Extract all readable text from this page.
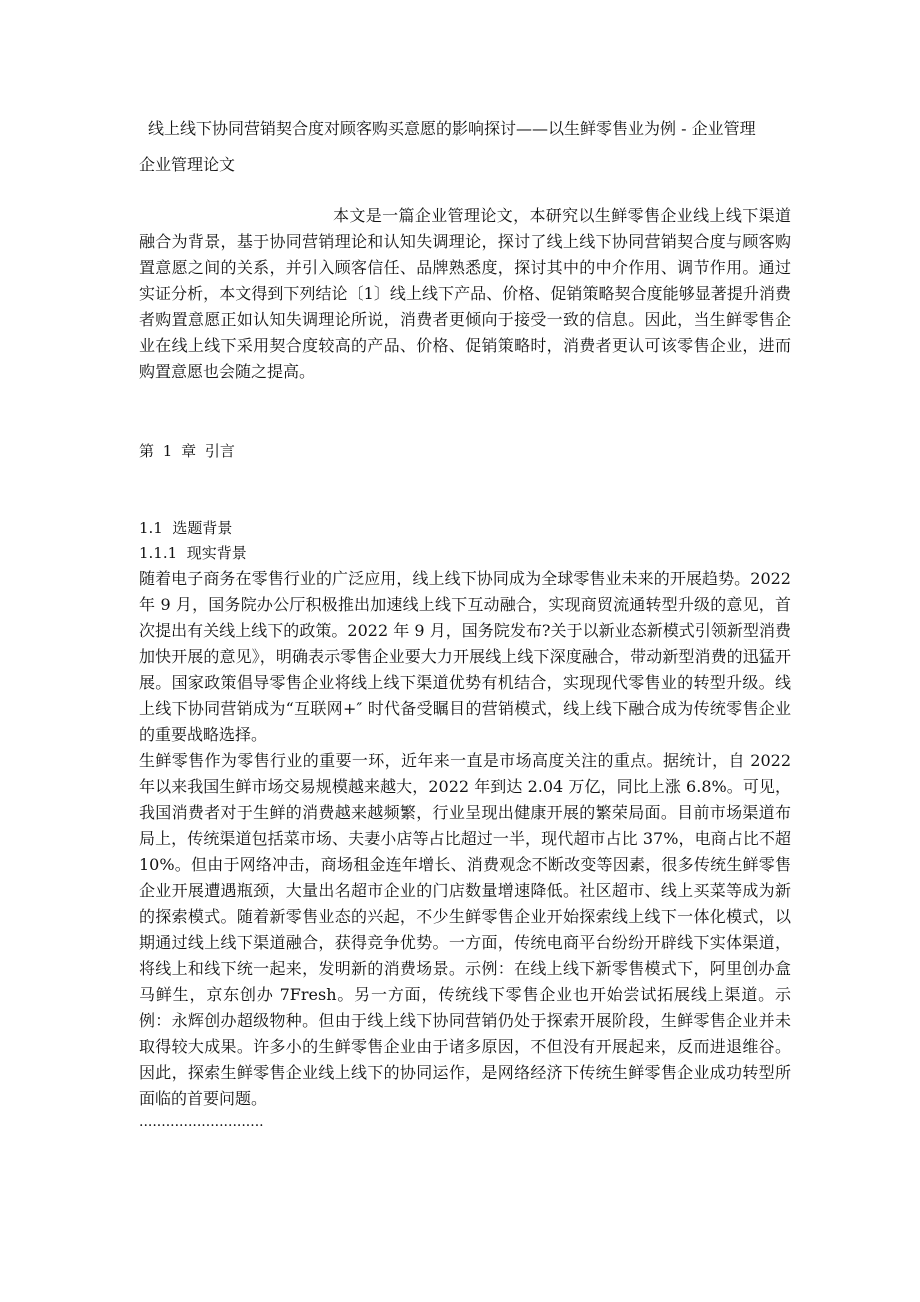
线上线下协同营销契合度对顾客购买意愿的影响探讨——以生鲜零售业为例 - 企业管理
企业管理论文

本文是一篇企业管理论文，本研究以生鲜零售企业线上线下渠道融合为背景，基于协同营销理论和认知失调理论，探讨了线上线下协同营销契合度与顾客购置意愿之间的关系，并引入顾客信任、品牌熟悉度，探讨其中的中介作用、调节作用。通过实证分析，本文得到下列结论〔1〕线上线下产品、价格、促销策略契合度能够显著提升消费者购置意愿正如认知失调理论所说，消费者更倾向于接受一致的信息。因此，当生鲜零售企业在线上线下采用契合度较高的产品、价格、促销策略时，消费者更认可该零售企业，进而购置意愿也会随之提高。

第 1 章 引言
1.1  选题背景
1.1.1  现实背景

随着电子商务在零售行业的广泛应用，线上线下协同成为全球零售业未来的开展趋势。2022年 9 月，国务院办公厅积极推出加速线上线下互动融合，实现商贸流通转型升级的意见，首次提出有关线上线下的政策。2022 年 9 月，国务院发布?关于以新业态新模式引领新型消费加快开展的意见》，明确表示零售企业要大力开展线上线下深度融合，带动新型消费的迅猛开展。国家政策倡导零售企业将线上线下渠道优势有机结合，实现现代零售业的转型升级。线上线下协同营销成为“互联网+″ 时代备受瞩目的营销模式，线上线下融合成为传统零售企业的重要战略选择。

生鲜零售作为零售行业的重要一环，近年来一直是市场高度关注的重点。据统计，自 2022 年以来我国生鲜市场交易规模越来越大，2022 年到达 2.04 万亿，同比上涨 6.8%。可见，我国消费者对于生鲜的消费越来越频繁，行业呈现出健康开展的繁荣局面。目前市场渠道布局上，传统渠道包括菜市场、夫妻小店等占比超过一半，现代超市占比 37%，电商占比不超 10%。但由于网络冲击，商场租金连年增长、消费观念不断改变等因素，很多传统生鲜零售企业开展遭遇瓶颈，大量出名超市企业的门店数量增速降低。社区超市、线上买菜等成为新的探索模式。随着新零售业态的兴起，不少生鲜零售企业开始探索线上线下一体化模式，以期通过线上线下渠道融合，获得竞争优势。一方面，传统电商平台纷纷开辟线下实体渠道，将线上和线下统一起来，发明新的消费场景。示例：在线上线下新零售模式下，阿里创办盒马鲜生，京东创办 7Fresh。另一方面，传统线下零售企业也开始尝试拓展线上渠道。示例：永辉创办超级物种。但由于线上线下协同营销仍处于探索开展阶段，生鲜零售企业并未取得较大成果。许多小的生鲜零售企业由于诸多原因，不但没有开展起来，反而进退维谷。因此，探索生鲜零售企业线上线下的协同运作，是网络经济下传统生鲜零售企业成功转型所面临的首要问题。

............................
